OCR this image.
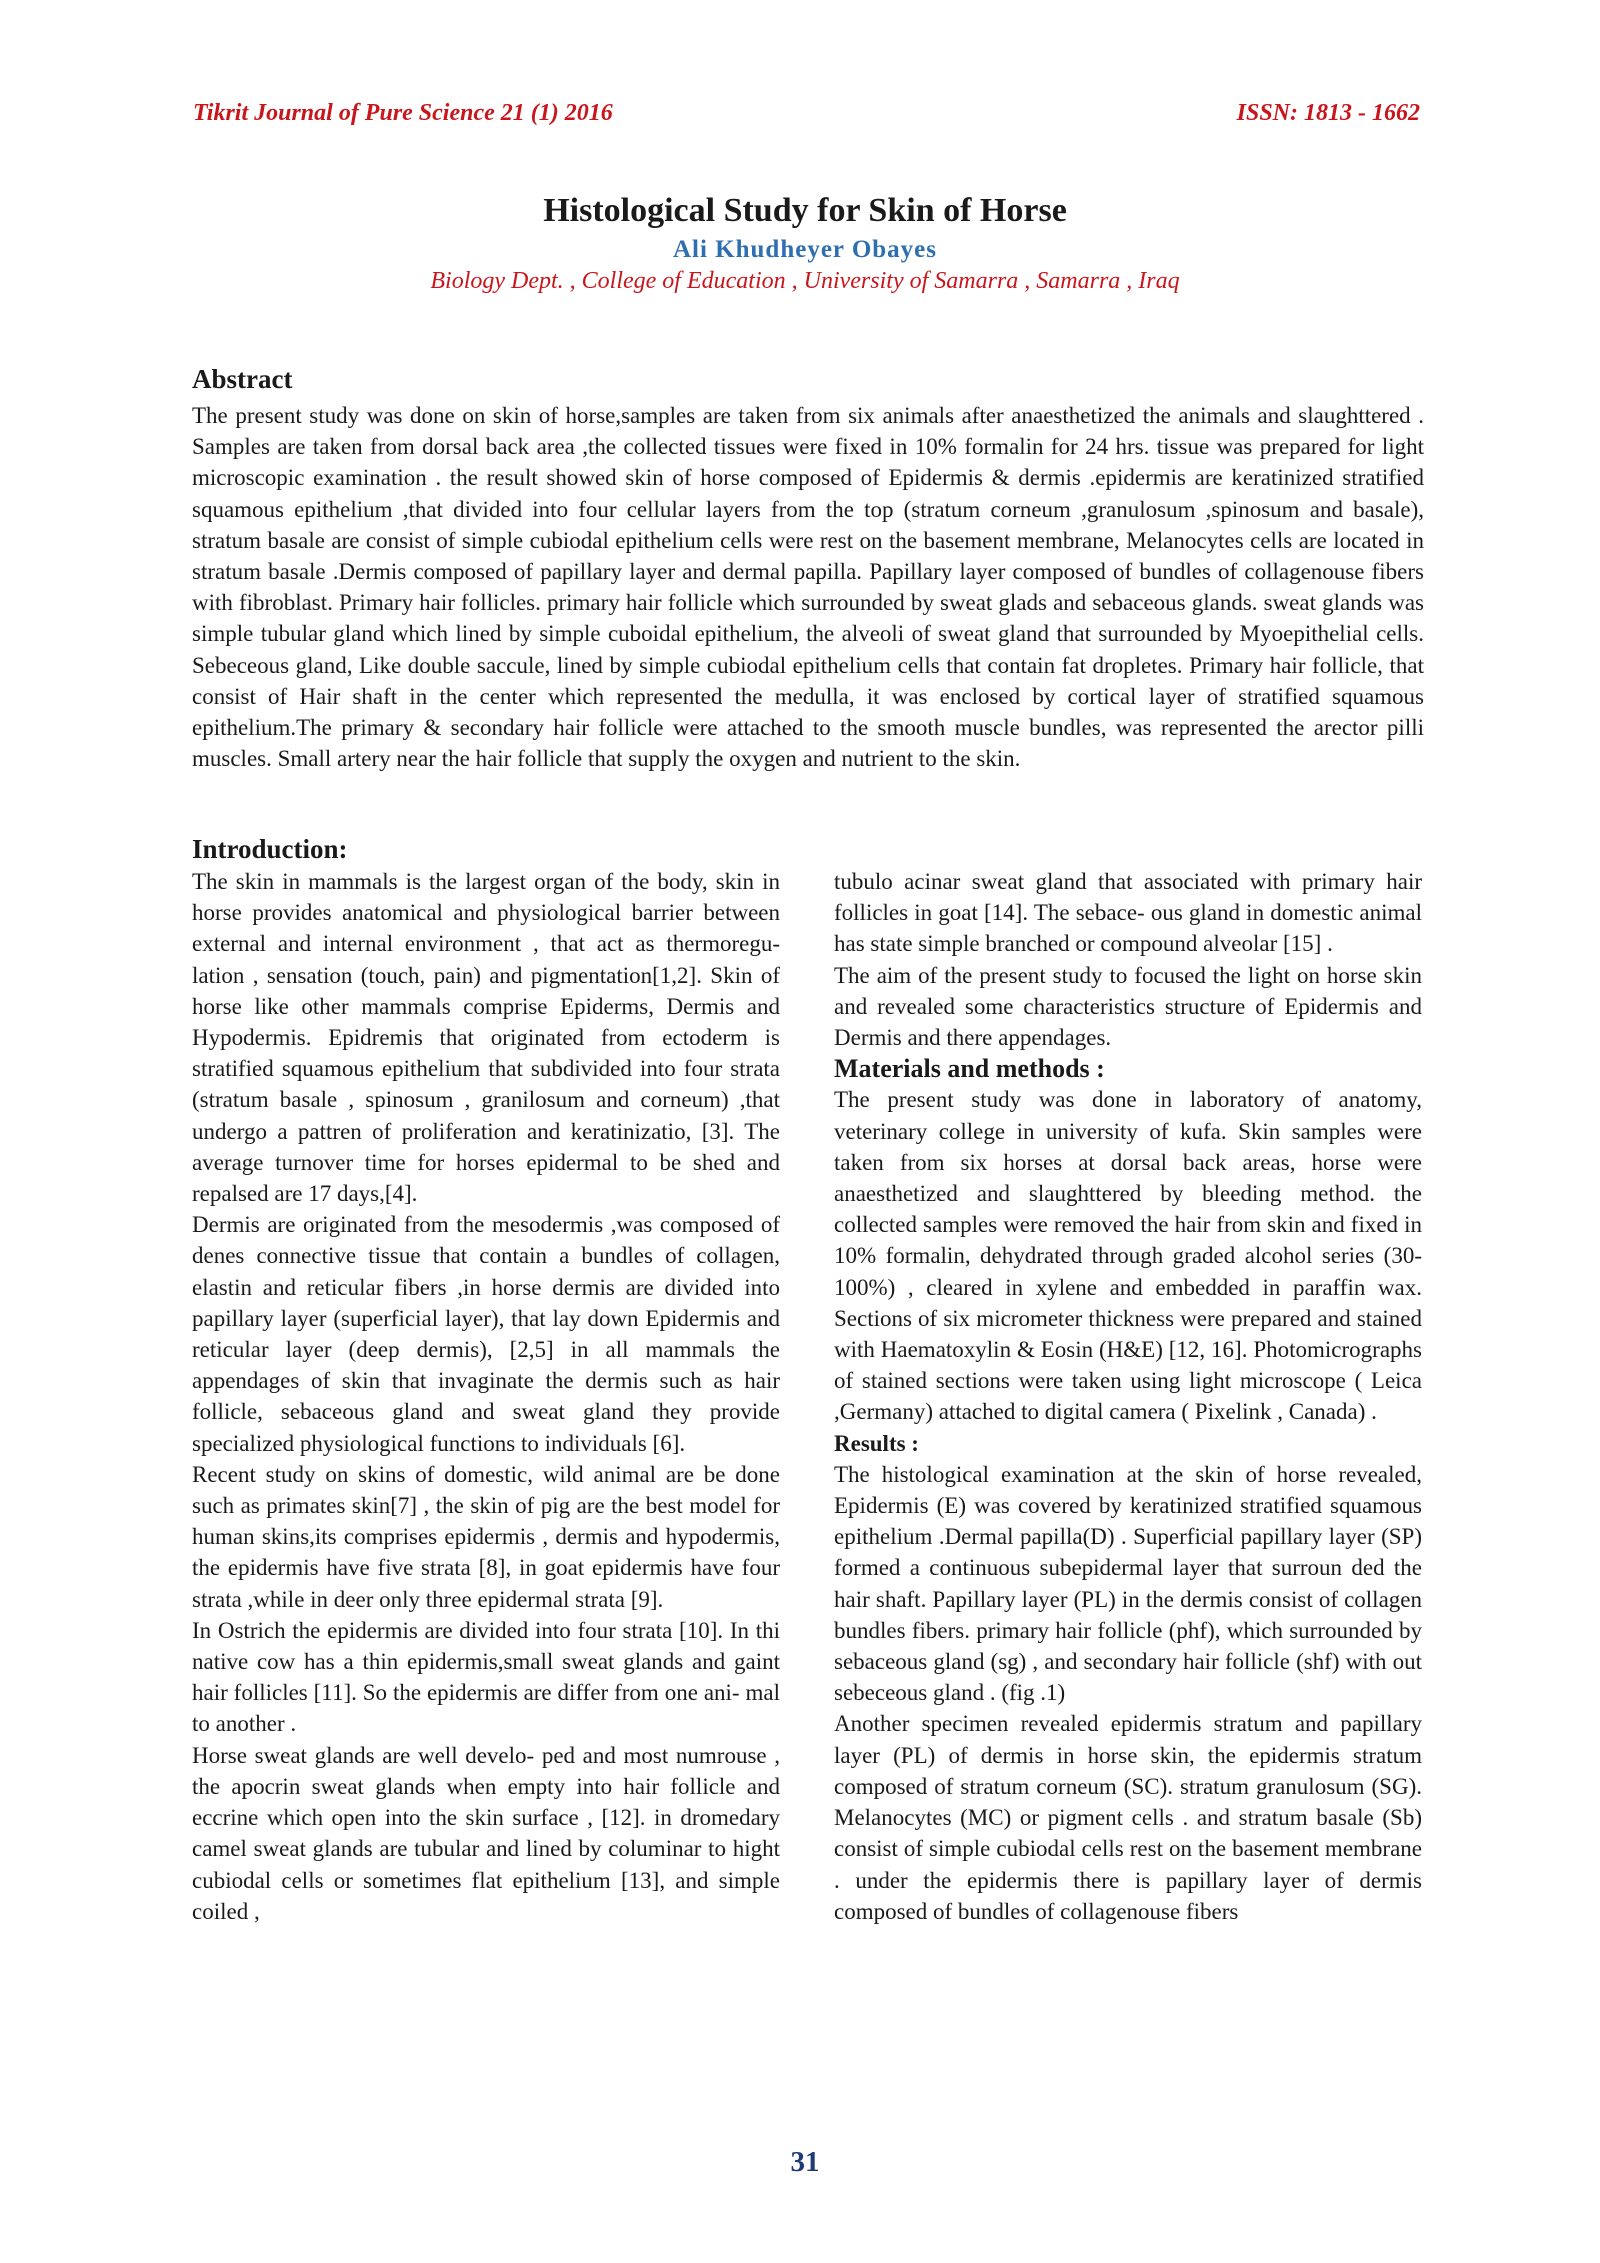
Tikrit Journal of Pure Science 21 (1) 2016	ISSN: 1813 - 1662
Histological Study for Skin of Horse
Ali Khudheyer Obayes
Biology Dept. , College of Education , University of Samarra , Samarra , Iraq
Abstract
The present study was done on skin of horse,samples are taken from six animals after anaesthetized the animals and slaughttered . Samples are taken from dorsal back area ,the collected tissues were fixed in 10% formalin for 24 hrs. tissue was prepared for light microscopic examination . the result showed skin of horse composed of Epidermis & dermis .epidermis are keratinized stratified squamous epithelium ,that divided into four cellular layers from the top (stratum corneum ,granulosum ,spinosum and basale), stratum basale are consist of simple cubiodal epithelium cells were rest on the basement membrane, Melanocytes cells are located in stratum basale .Dermis composed of papillary layer and dermal papilla. Papillary layer composed of bundles of collagenouse fibers with fibroblast. Primary hair follicles. primary hair follicle which surrounded by sweat glads and sebaceous glands. sweat glands was simple tubular gland which lined by simple cuboidal epithelium, the alveoli of sweat gland that surrounded by Myoepithelial cells. Sebeceous gland, Like double saccule, lined by simple cubiodal epithelium cells that contain fat dropletes. Primary hair follicle, that consist of Hair shaft in the center which represented the medulla, it was enclosed by cortical layer of stratified squamous epithelium.The primary & secondary hair follicle were attached to the smooth muscle bundles, was represented the arector pilli muscles. Small artery near the hair follicle that supply the oxygen and nutrient to the skin.
Introduction:

The skin in mammals is the largest organ of the body, skin in horse provides anatomical and physiological barrier between external and internal environment , that act as thermoregu- lation , sensation (touch, pain) and pigmentation[1,2]. Skin of horse like other mammals comprise Epiderms, Dermis and Hypodermis. Epidremis that originated from ectoderm is stratified squamous epithelium that subdivided into four strata (stratum basale , spinosum , granilosum and corneum) ,that undergo a pattren of proliferation and keratinizatio, [3]. The average turnover time for horses epidermal to be shed and repalsed are 17 days,[4].

Dermis are originated from the mesodermis ,was composed of denes connective tissue that contain a bundles of collagen, elastin and reticular fibers ,in horse dermis are divided into papillary layer (superficial layer), that lay down Epidermis and reticular layer (deep dermis), [2,5] in all mammals the appendages of skin that invaginate the dermis such as hair follicle, sebaceous gland and sweat gland they provide specialized physiological functions to individuals [6].

Recent study on skins of domestic, wild animal are be done such as primates skin[7] , the skin of pig are the best model for human skins,its comprises epidermis , dermis and hypodermis, the epidermis have five strata [8], in goat epidermis have four strata ,while in deer only three epidermal strata [9].

In Ostrich the epidermis are divided into four strata [10]. In thi native cow has a thin epidermis,small sweat glands and gaint hair follicles [11]. So the epidermis are differ from one ani- mal to another .

Horse sweat glands are well develo- ped and most numrouse , the apocrin sweat glands when empty into hair follicle and eccrine which open into the skin surface , [12]. in dromedary camel sweat glands are tubular and lined by columinar to hight cubiodal cells or sometimes flat epithelium [13], and simple coiled ,

tubulo acinar sweat gland that associated with primary hair follicles in goat [14]. The sebace- ous gland in domestic animal has state simple branched or compound alveolar [15] .

The aim of the present study to focused the light on horse skin and revealed some characteristics structure of Epidermis and Dermis and there appendages.

Materials and methods :

The present study was done in laboratory of anatomy, veterinary college in university of kufa. Skin samples were taken from six horses at dorsal back areas, horse were anaesthetized and slaughttered by bleeding method. the collected samples were removed the hair from skin and fixed in 10% formalin, dehydrated through graded alcohol series (30-100%) , cleared in xylene and embedded in paraffin wax. Sections of six micrometer thickness were prepared and stained with Haematoxylin & Eosin (H&E) [12, 16]. Photomicrographs of stained sections were taken using light microscope ( Leica ,Germany) attached to digital camera ( Pixelink , Canada) .

Results :

The histological examination at the skin of horse revealed, Epidermis (E) was covered by keratinized stratified squamous epithelium .Dermal papilla(D) . Superficial papillary layer (SP) formed a continuous subepidermal layer that surroun ded the hair shaft. Papillary layer (PL) in the dermis consist of collagen bundles fibers. primary hair follicle (phf), which surrounded by sebaceous gland (sg) , and secondary hair follicle (shf) with out sebeceous gland . (fig .1)

Another specimen revealed epidermis stratum and papillary layer (PL) of dermis in horse skin, the epidermis stratum composed of stratum corneum (SC). stratum granulosum (SG). Melanocytes (MC) or pigment cells . and stratum basale (Sb) consist of simple cubiodal cells rest on the basement membrane . under the epidermis there is papillary layer of dermis composed of bundles of collagenouse fibers

31
